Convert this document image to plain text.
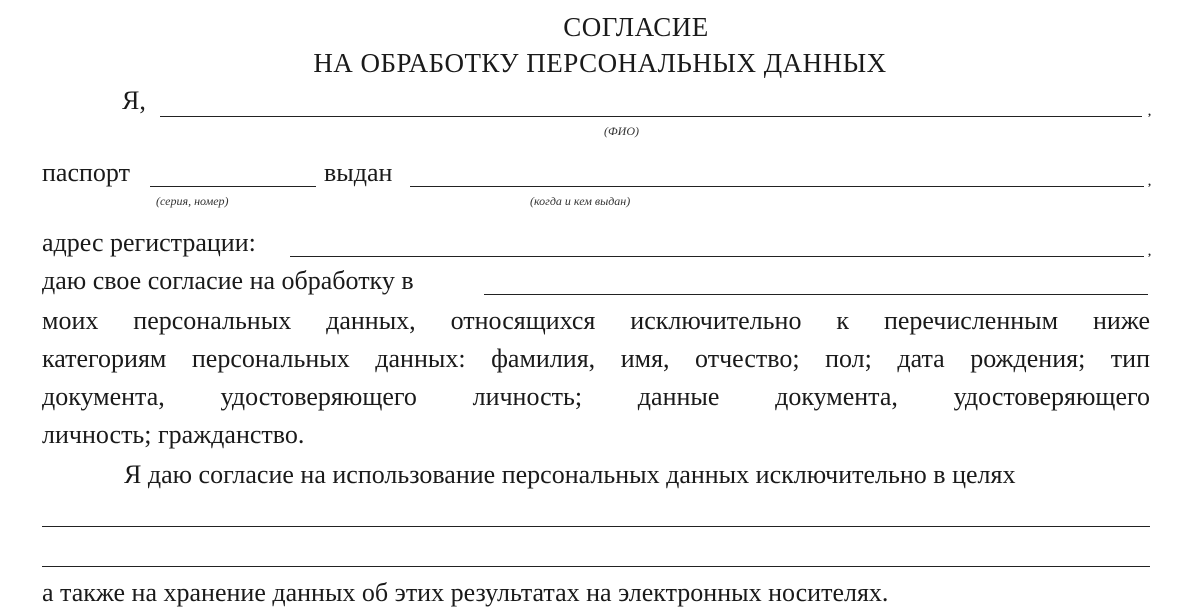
СОГЛАСИЕ
НА ОБРАБОТКУ ПЕРСОНАЛЬНЫХ ДАННЫХ
Я,	,
(ФИО)
паспорт	выдан	,
(серия, номер)	(когда и кем выдан)
адрес регистрации:	,
даю свое согласие на обработку в
моих персональных данных, относящихся исключительно к перечисленным ниже
категориям персональных данных: фамилия, имя, отчество; пол; дата рождения; тип
документа, удостоверяющего личность; данные документа, удостоверяющего
личность; гражданство.
Я даю согласие на использование персональных данных исключительно в целях
а также на хранение данных об этих результатах на электронных носителях.
